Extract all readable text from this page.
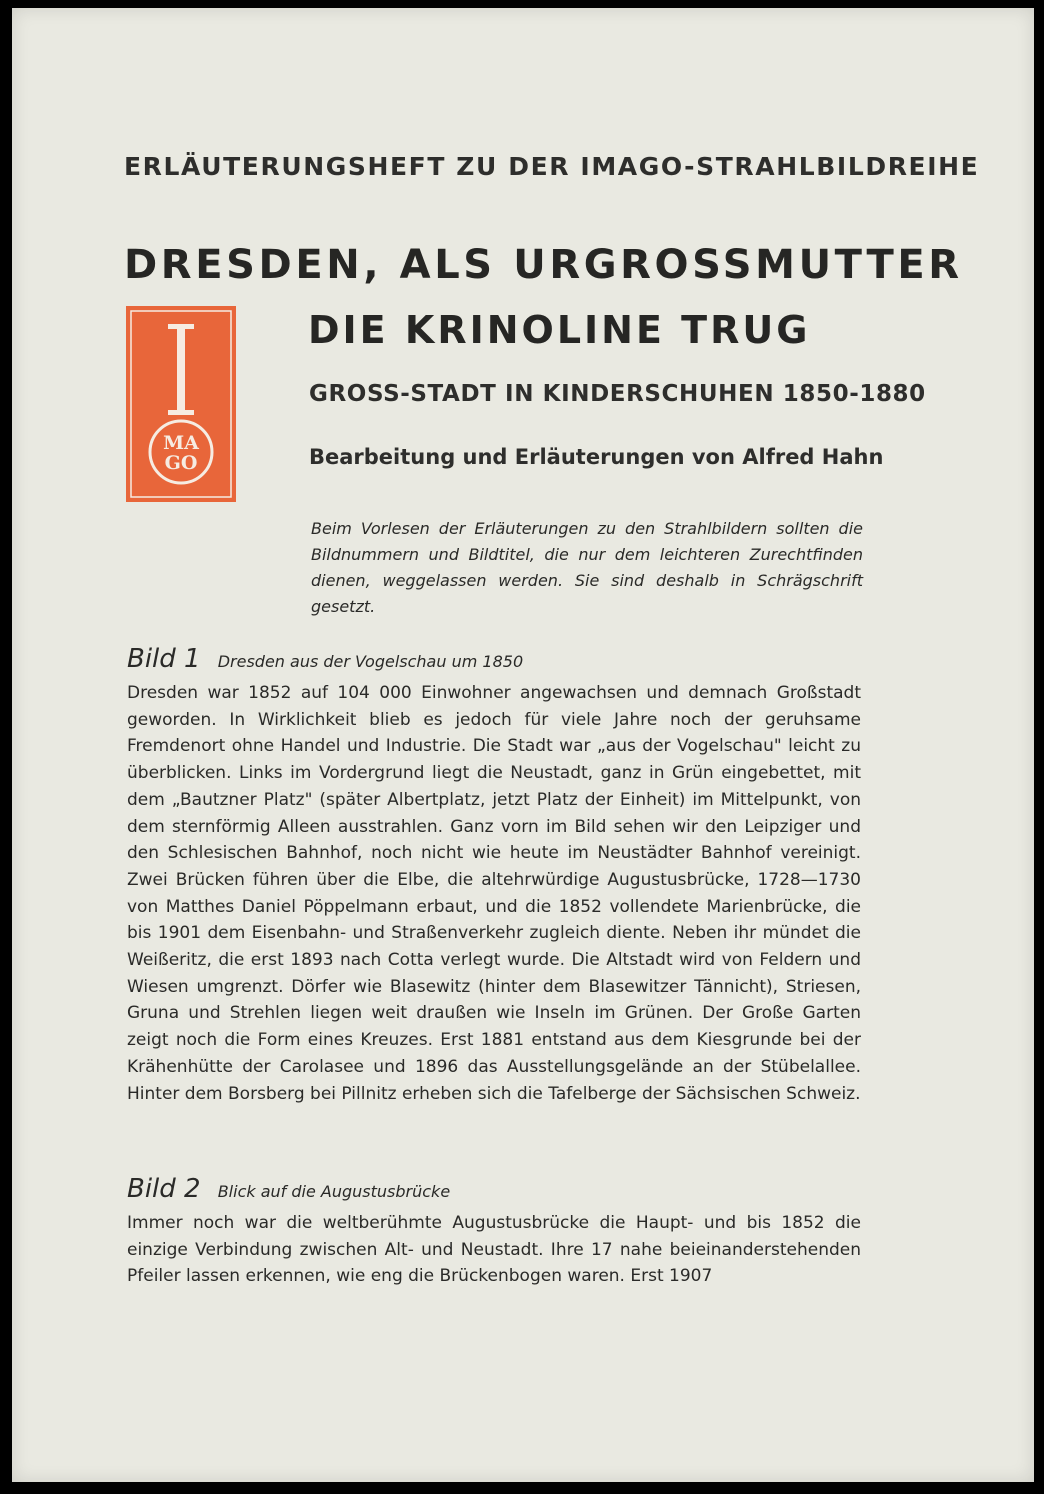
ERLÄUTERUNGSHEFT ZU DER IMAGO-STRAHLBILDREIHE
DRESDEN, ALS URGROSSMUTTER
DIE KRINOLINE TRUG
MA
GO
GROSS-STADT IN KINDERSCHUHEN 1850-1880
Bearbeitung und Erläuterungen von Alfred Hahn
Beim Vorlesen der Erläuterungen zu den Strahlbildern sollten die Bildnummern und Bildtitel, die nur dem leichteren Zurechtfinden dienen, weggelassen werden. Sie sind deshalb in Schrägschrift gesetzt.
Bild 1 Dresden aus der Vogelschau um 1850
Dresden war 1852 auf 104 000 Einwohner angewachsen und demnach Großstadt geworden. In Wirklichkeit blieb es jedoch für viele Jahre noch der geruhsame Fremdenort ohne Handel und Industrie. Die Stadt war „aus der Vogelschau" leicht zu überblicken. Links im Vordergrund liegt die Neustadt, ganz in Grün eingebettet, mit dem „Bautzner Platz" (später Albertplatz, jetzt Platz der Einheit) im Mittelpunkt, von dem sternförmig Alleen ausstrahlen. Ganz vorn im Bild sehen wir den Leipziger und den Schlesischen Bahnhof, noch nicht wie heute im Neustädter Bahnhof vereinigt. Zwei Brücken führen über die Elbe, die altehrwürdige Augustusbrücke, 1728—1730 von Matthes Daniel Pöppelmann erbaut, und die 1852 vollendete Marienbrücke, die bis 1901 dem Eisenbahn- und Straßenverkehr zugleich diente. Neben ihr mündet die Weißeritz, die erst 1893 nach Cotta verlegt wurde. Die Altstadt wird von Feldern und Wiesen umgrenzt. Dörfer wie Blasewitz (hinter dem Blasewitzer Tännicht), Striesen, Gruna und Strehlen liegen weit draußen wie Inseln im Grünen. Der Große Garten zeigt noch die Form eines Kreuzes. Erst 1881 entstand aus dem Kiesgrunde bei der Krähenhütte der Carolasee und 1896 das Ausstellungsgelände an der Stübelallee. Hinter dem Borsberg bei Pillnitz erheben sich die Tafelberge der Sächsischen Schweiz.
Bild 2 Blick auf die Augustusbrücke
Immer noch war die weltberühmte Augustusbrücke die Haupt- und bis 1852 die einzige Verbindung zwischen Alt- und Neustadt. Ihre 17 nahe beieinanderstehenden Pfeiler lassen erkennen, wie eng die Brückenbogen waren. Erst 1907
